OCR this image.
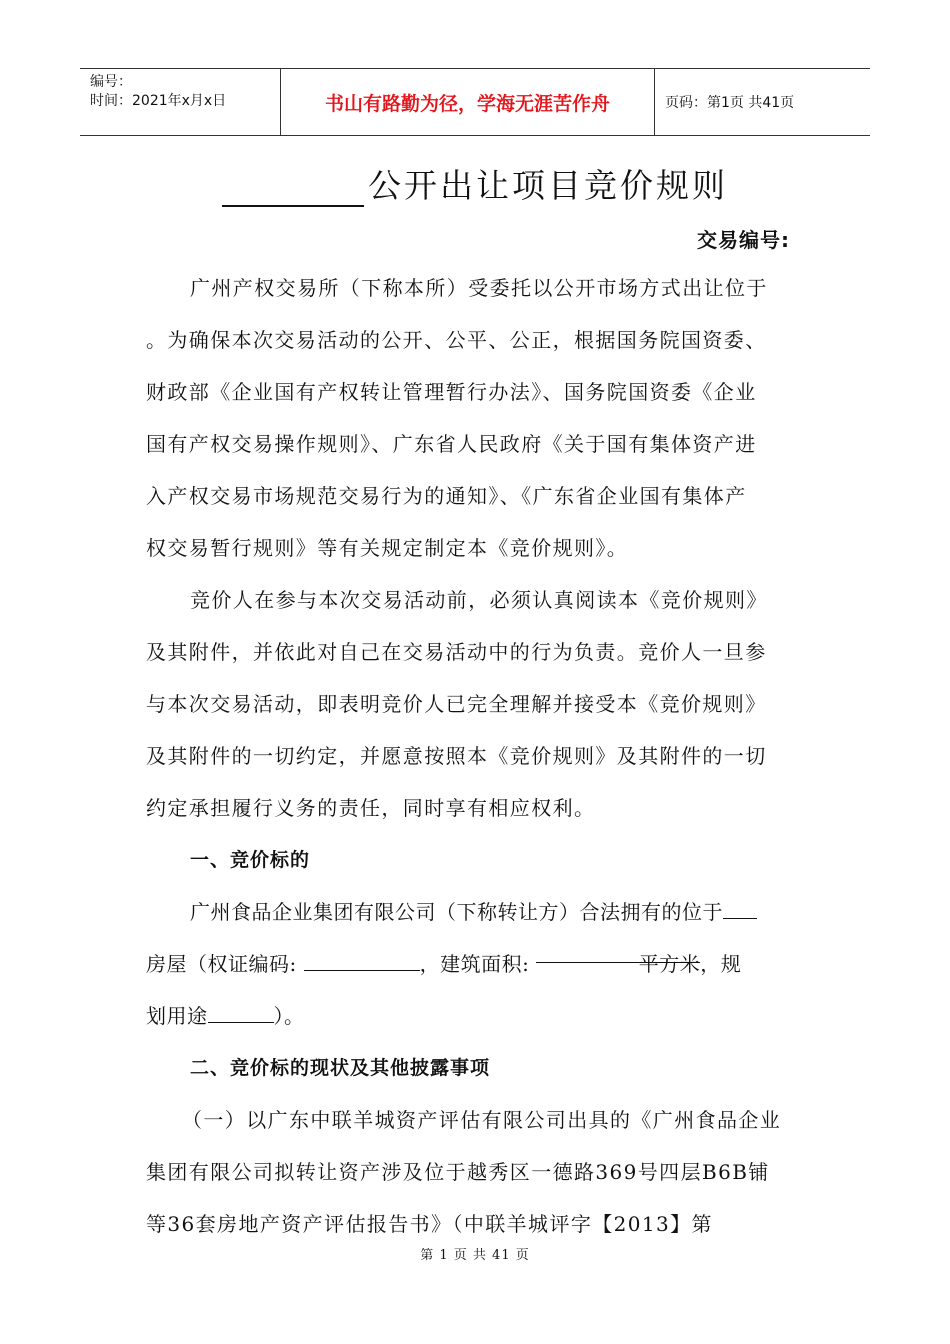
编号：
时间：2021年x月x日	书山有路勤为径，学海无涯苦作舟	页码：第1页 共41页
公开出让项目竞价规则
交易编号:
广州产权交易所（下称本所）受委托以公开市场方式出让位于
。为确保本次交易活动的公开、公平、公正，根据国务院国资委、
财政部《企业国有产权转让管理暂行办法》、国务院国资委《企业
国有产权交易操作规则》、广东省人民政府《关于国有集体资产进
入产权交易市场规范交易行为的通知》、《广东省企业国有集体产
权交易暂行规则》等有关规定制定本《竞价规则》。
竞价人在参与本次交易活动前，必须认真阅读本《竞价规则》
及其附件，并依此对自己在交易活动中的行为负责。竞价人一旦参
与本次交易活动，即表明竞价人已完全理解并接受本《竞价规则》
及其附件的一切约定，并愿意按照本《竞价规则》及其附件的一切
约定承担履行义务的责任，同时享有相应权利。
一、竞价标的
广州食品企业集团有限公司（下称转让方）合法拥有的位于
房屋（权证编码:	，建筑面积:	平方米，规
划用途	）。
二、竞价标的现状及其他披露事项
（一）以广东中联羊城资产评估有限公司出具的《广州食品企业
集团有限公司拟转让资产涉及位于越秀区一德路369号四层B6B铺
等36套房地产资产评估报告书》（中联羊城评字【2013】第
第 1 页 共 41 页
